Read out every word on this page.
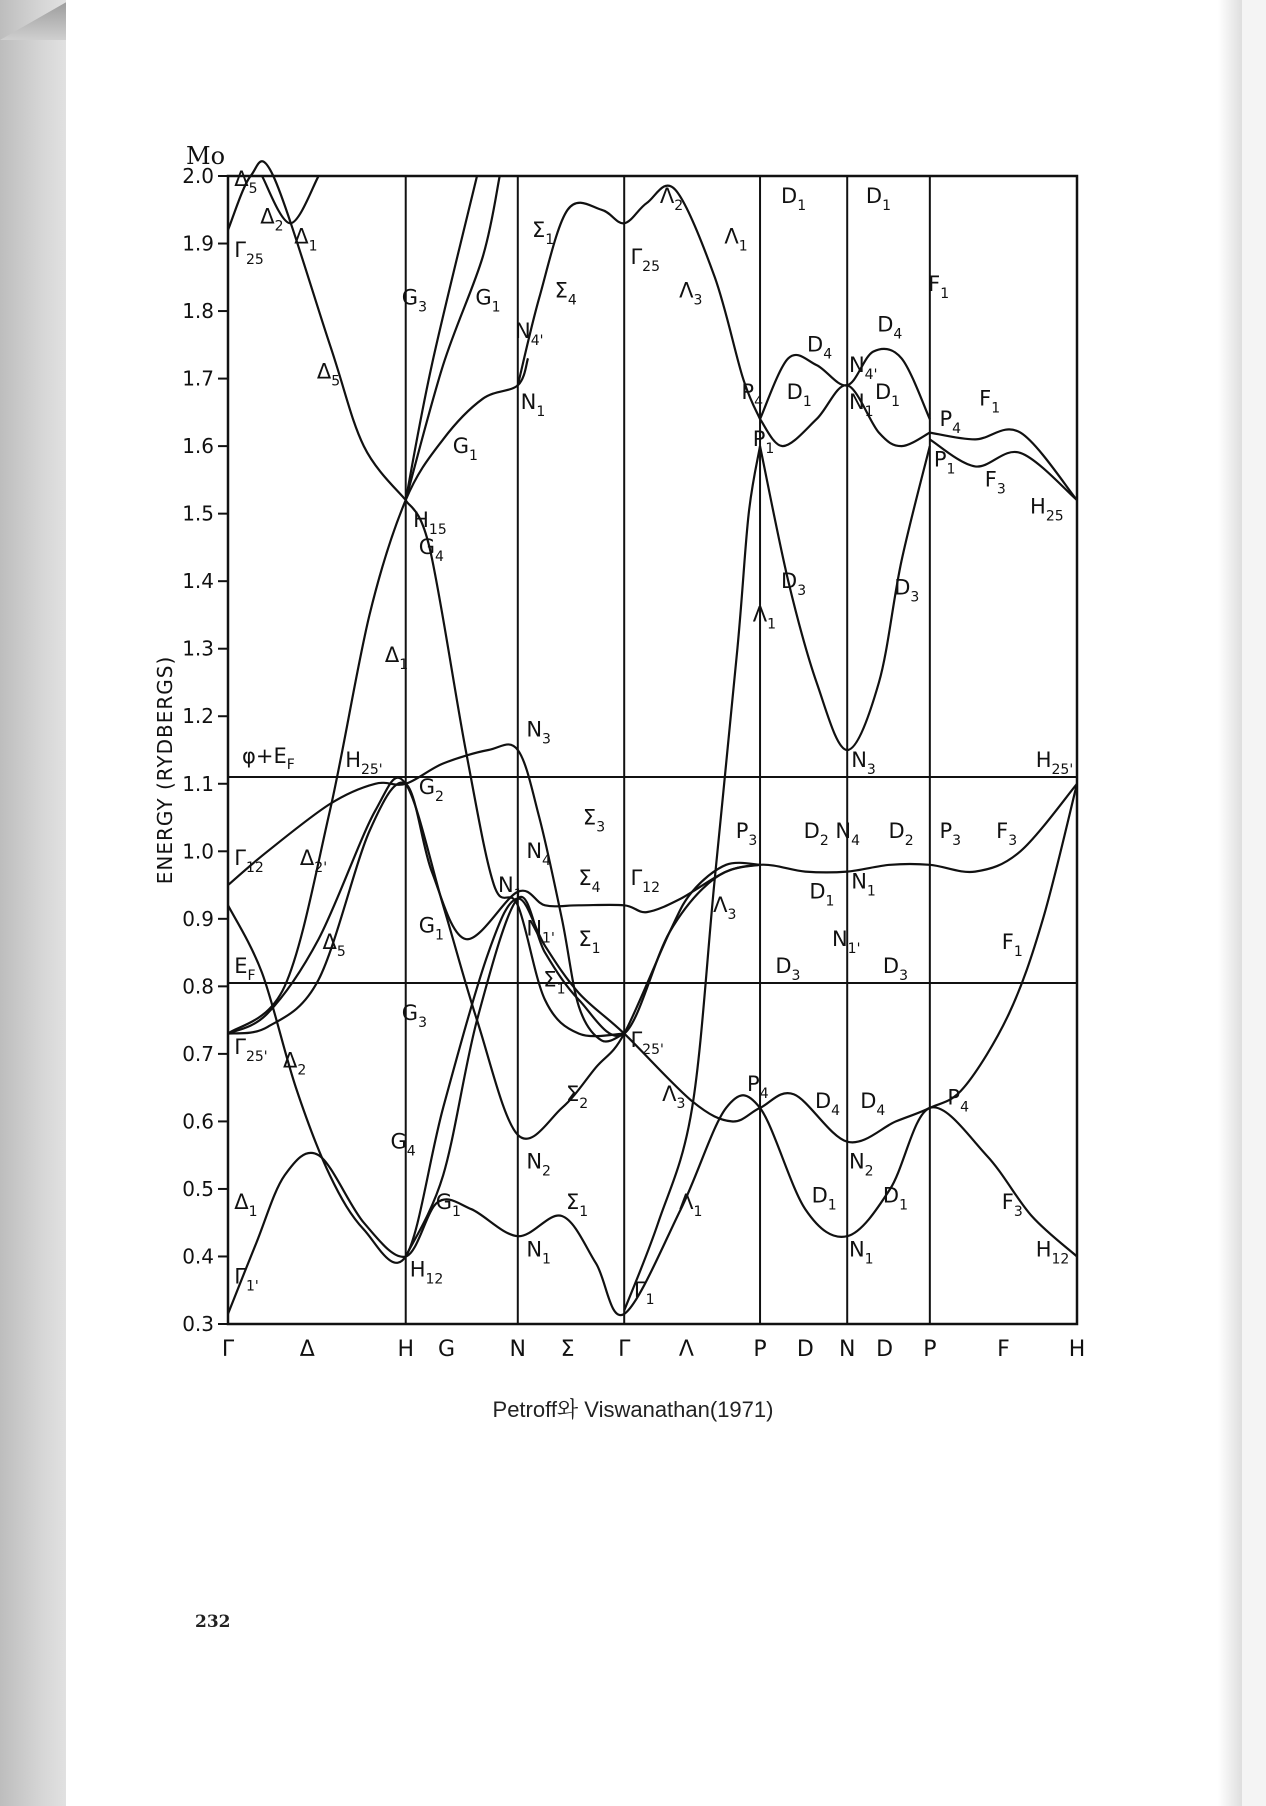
Mo
ENERGY (RYDBERGS)
2.0
1.9
1.8
1.7
1.6
1.5
1.4
1.3
1.2
1.1
1.0
0.9
0.8
0.7
0.6
0.5
0.4
0.3
$\varphi+E_F$
$\Delta_5$
$\Delta_2$ $\Delta_1$
$\Gamma_{25}$
$\Delta_5$
$G_3$ $G_1$
$\Sigma_1$
$\Sigma_4$
$N_{4'}$
$N_1$
$G_1$
$H_{15}$
$\Gamma_{25}$
$\Lambda_2$
$\Lambda_3$
$\Lambda_1$
$D_1$	$D_1$
$F_1$
$D_4$
$D_4$
$N_{4'}$
$P_4$ $D_1$ $N_1$
$D_1$
$P_1$
$P_4$
$F_1$
$P_1$ $F_3$
$H_{25}$
$\Delta_1$
$G_4$
$\Lambda_1$
$D_3$	$D_3$
$H_{25'}$
$G_2$
$N_3$
$\Sigma_3$
$N_3$	$H_{25'}$
$\Gamma_{12}$ $\Delta_{2'}$
$N_4$
$N_1$
$\Sigma_4$ $\Gamma_{12}$
$\Lambda_3$
$P_3$ $D_2$ $N_4$ $D_2$ $P_3$ $F_3$
$D_1$
$N_1$
$G_1$	$N_{1'}$ $\Sigma_1$	$N_{1'}$
$\Delta_5$
$E_F$	$\Sigma_1$
$D_3$	$D_3$
$F_1$
$G_3$
$\Gamma_{25'}$ $\Delta_2$
$\Gamma_{25'}$
$\Sigma_2$	$\Lambda_3$
$P_4$ $D_4$ $D_4$
$P_4$
$G_4$	$N_2$	$N_2$
$\Delta_1$	$G_1$	$\Sigma_1$	$\Lambda_1$
$D_1$ $D_1$	$F_3$
$N_1$	$N_1$
$H_{12}$
$H_{12}$
$\Gamma_{1'}$	$\Gamma_1$
Γ	H	N	Γ	P	N	P	H
Δ	G	Σ	Λ	D	D	F
Petroff와 Viswanathan(1971)
232
